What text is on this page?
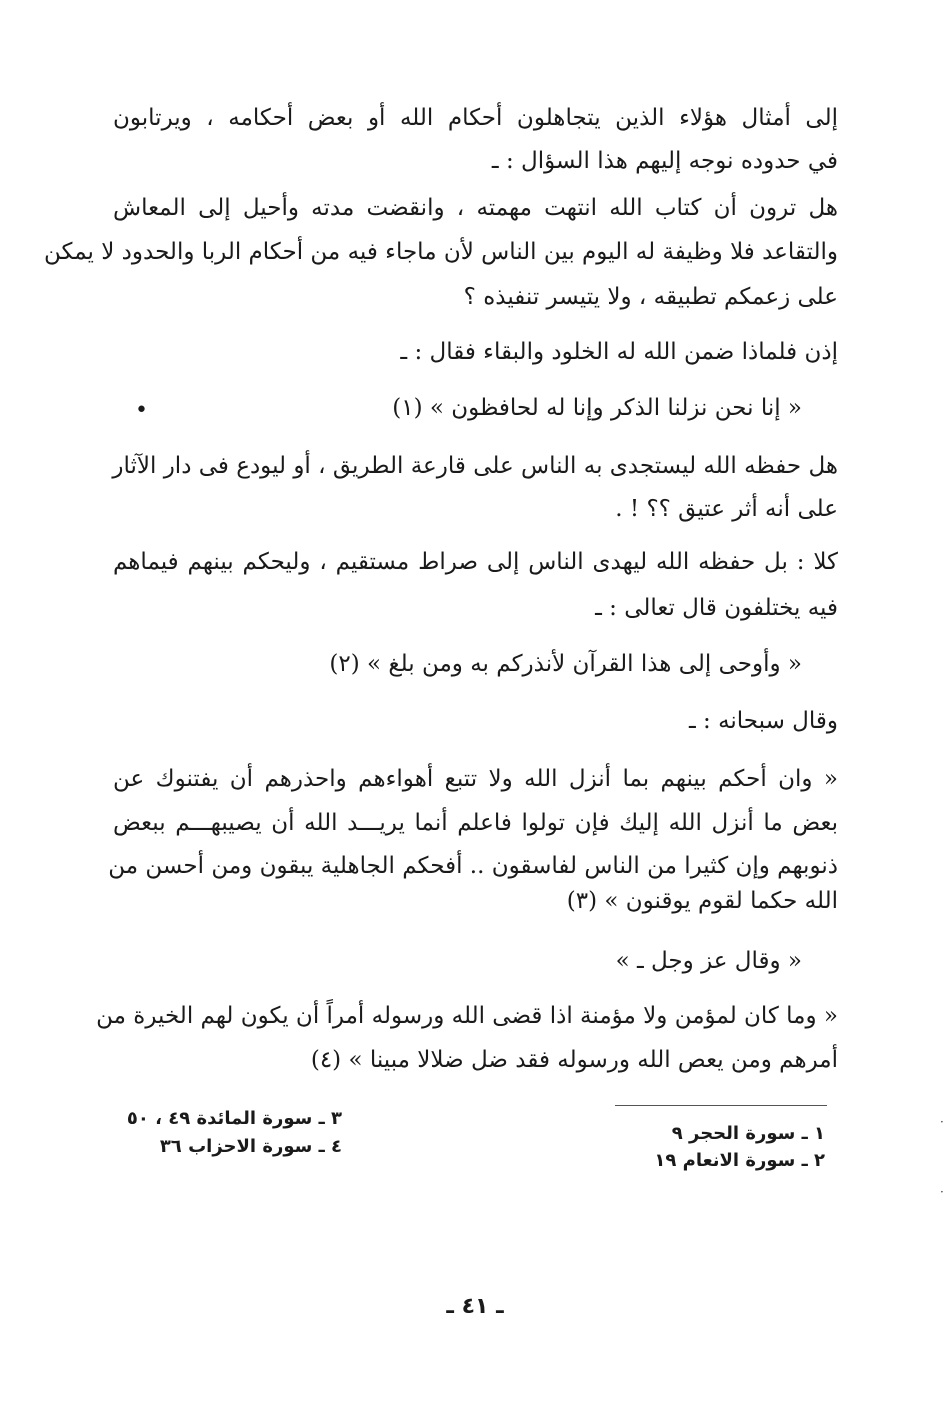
إلى أمثال هؤلاء الذين يتجاهلون أحكام الله أو بعض أحكامه ، ويرتابون
في حدوده نوجه إليهم هذا السؤال : ـ
هل ترون أن كتاب الله انتهت مهمته ، وانقضت مدته وأحيل إلى المعاش
والتقاعد فلا وظيفة له اليوم بين الناس لأن ماجاء فيه من أحكام الربا والحدود لا يمكن
على زعمكم تطبيقه ، ولا يتيسر تنفيذه ؟
إذن فلماذا ضمن الله له الخلود والبقاء فقال : ـ
« إنا نحن نزلنا الذكر وإنا له لحافظون » (١)
•
هل حفظه الله ليستجدى به الناس على قارعة الطريق ، أو ليودع فى دار الآثار
على أنه أثر عتيق ؟؟ ! .
كلا : بل حفظه الله ليهدى الناس إلى صراط مستقيم ، وليحكم بينهم فيماهم
فيه يختلفون قال تعالى : ـ
« وأوحى إلى هذا القرآن لأنذركم به ومن بلغ » (٢)
وقال سبحانه : ـ
« وان أحكم بينهم بما أنزل الله ولا تتبع أهواءهم واحذرهم أن يفتنوك عن
بعض ما أنزل الله إليك فإن تولوا فاعلم أنما يريـــد الله أن يصيبهـــم ببعض
ذنوبهم وإن كثيرا من الناس لفاسقون .. أفحكم الجاهلية يبقون ومن أحسن من
الله حكما لقوم يوقنون » (٣)
« وقال عز وجل ـ »
« وما كان لمؤمن ولا مؤمنة اذا قضى الله ورسوله أمراً أن يكون لهم الخيرة من
أمرهم ومن يعص الله ورسوله فقد ضل ضلالا مبينا » (٤)
١ ـ سورة الحجر ٩
٢ ـ سورة الانعام ١٩
٣ ـ سورة المائدة ٤٩ ، ٥٠
٤ ـ سورة الاحزاب ٣٦
ـ ٤١ ـ
·
·
